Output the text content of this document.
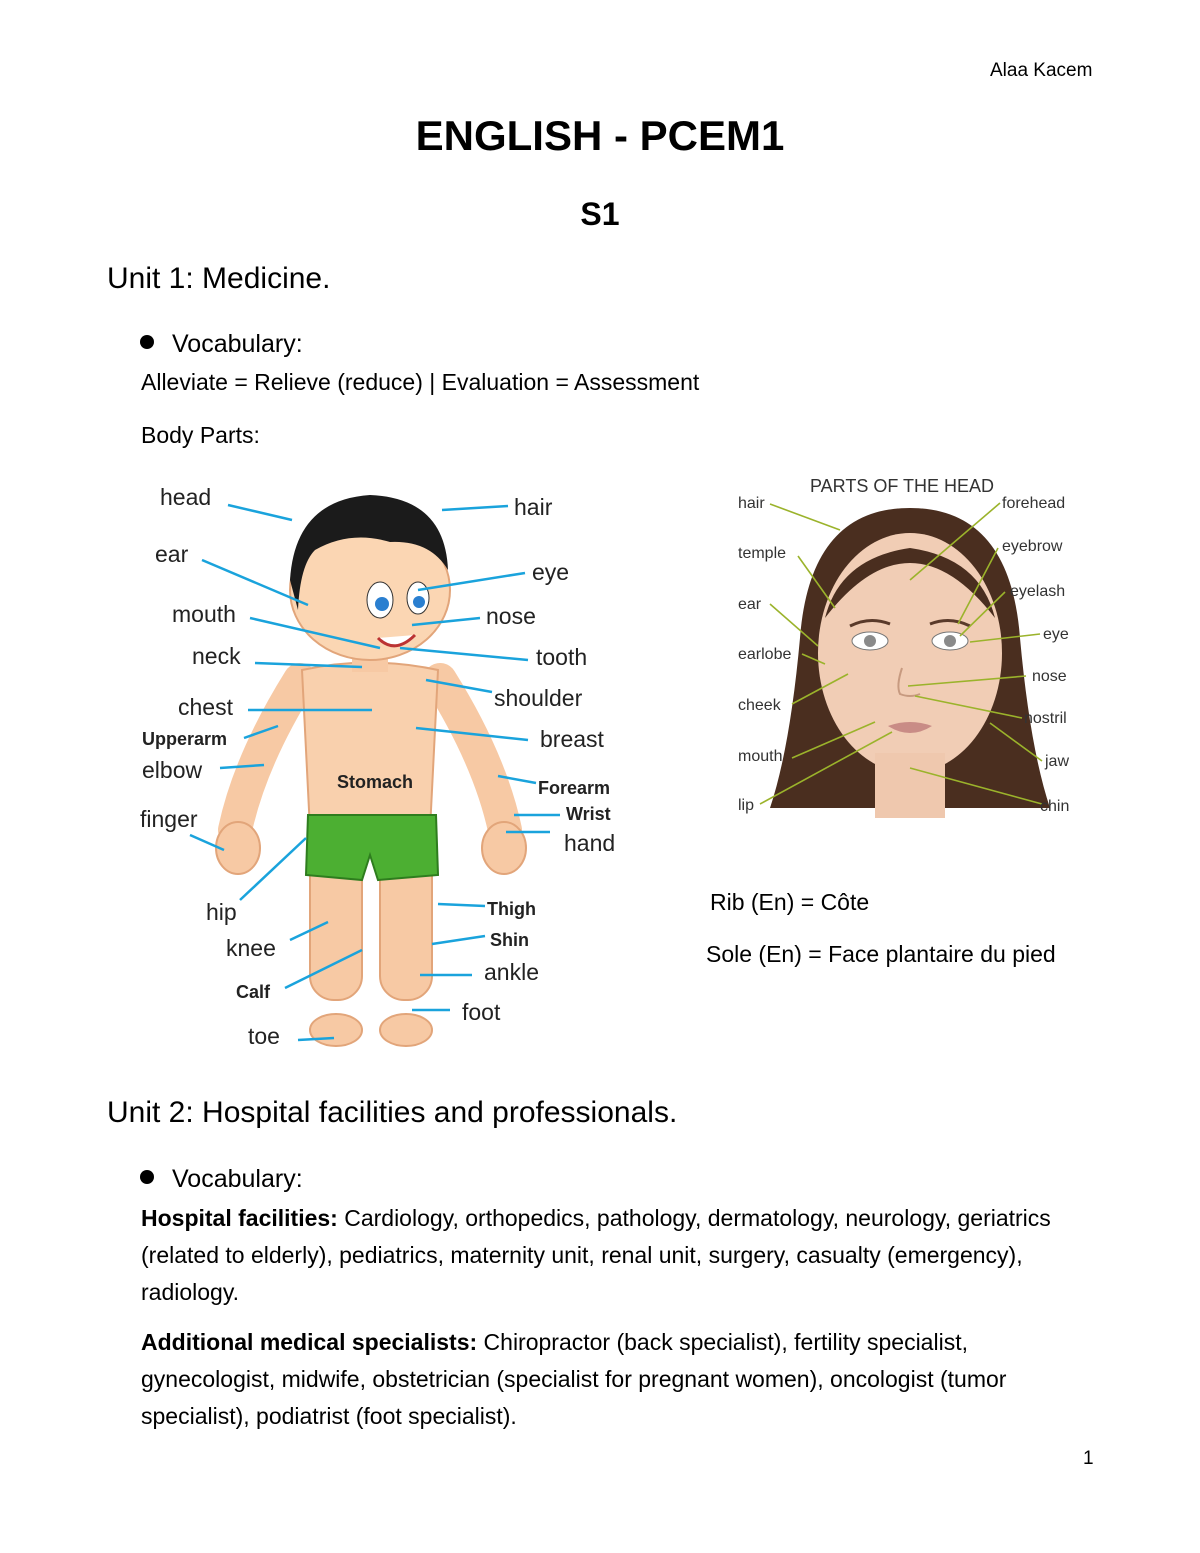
Alaa Kacem
ENGLISH - PCEM1
S1
Unit 1: Medicine.
Vocabulary:
Alleviate = Relieve (reduce) | Evaluation = Assessment
Body Parts:
head	hair
ear
eye
mouth	nose
neck	tooth
shoulder
chest
Upperarm	breast
elbow	Stomach	Forearm
Wrist
finger
hand
hip	Thigh
knee	Shin
Calf
ankle
foot
toe
PARTS OF THE HEAD
hair
temple
ear
earlobe
cheek
mouth
lip
forehead
eyebrow
eyelash
eye
nose
nostril
jaw
chin
Rib (En) = Côte
Sole (En) = Face plantaire du pied
Unit 2: Hospital facilities and professionals.
Vocabulary:
Hospital facilities: Cardiology, orthopedics, pathology, dermatology, neurology, geriatrics (related to elderly), pediatrics, maternity unit, renal unit, surgery, casualty (emergency), radiology.
Additional medical specialists: Chiropractor (back specialist), fertility specialist, gynecologist, midwife, obstetrician (specialist for pregnant women), oncologist (tumor specialist), podiatrist (foot specialist).
1
